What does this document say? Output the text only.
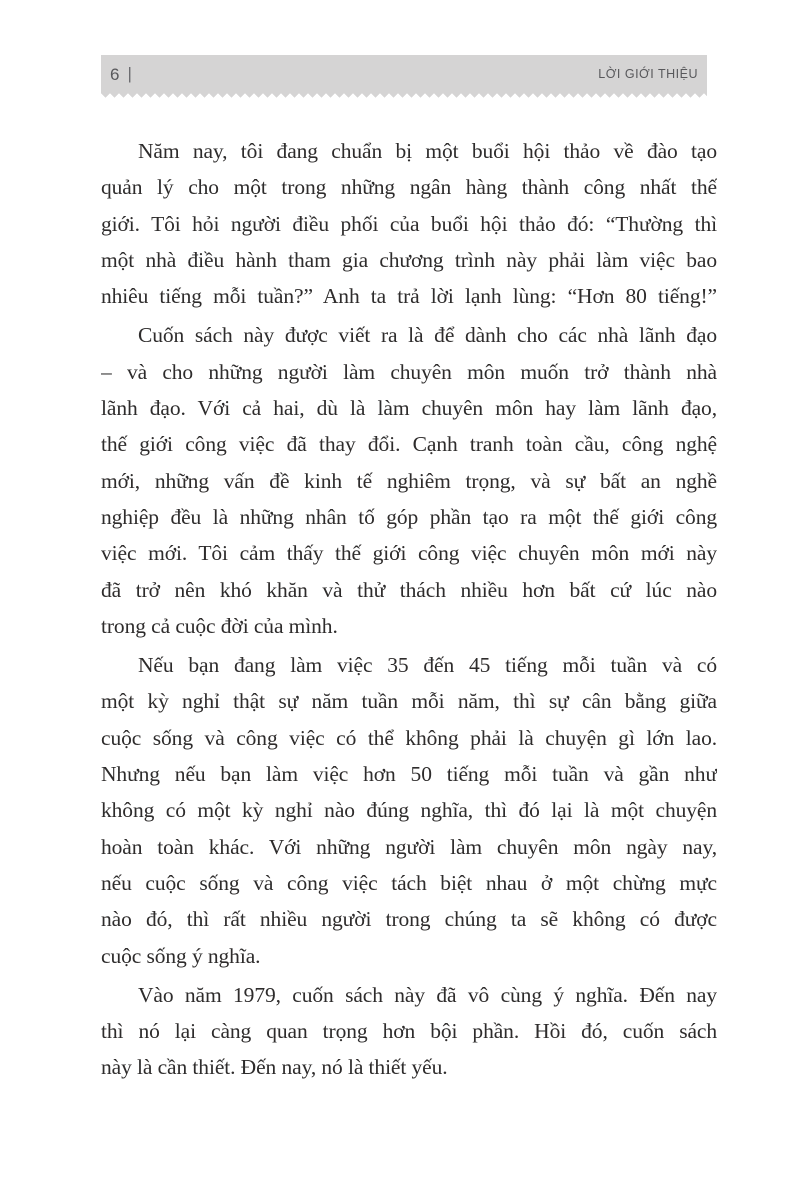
6 |	LỜI GIỚI THIỆU
Năm nay, tôi đang chuẩn bị một buổi hội thảo về đào tạo
quản lý cho một trong những ngân hàng thành công nhất thế
giới. Tôi hỏi người điều phối của buổi hội thảo đó: “Thường thì
một nhà điều hành tham gia chương trình này phải làm việc bao
nhiêu tiếng mỗi tuần?” Anh ta trả lời lạnh lùng: “Hơn 80 tiếng!”
Cuốn sách này được viết ra là để dành cho các nhà lãnh đạo
– và cho những người làm chuyên môn muốn trở thành nhà
lãnh đạo. Với cả hai, dù là làm chuyên môn hay làm lãnh đạo,
thế giới công việc đã thay đổi. Cạnh tranh toàn cầu, công nghệ
mới, những vấn đề kinh tế nghiêm trọng, và sự bất an nghề
nghiệp đều là những nhân tố góp phần tạo ra một thế giới công
việc mới. Tôi cảm thấy thế giới công việc chuyên môn mới này
đã trở nên khó khăn và thử thách nhiều hơn bất cứ lúc nào
trong cả cuộc đời của mình.
Nếu bạn đang làm việc 35 đến 45 tiếng mỗi tuần và có
một kỳ nghỉ thật sự năm tuần mỗi năm, thì sự cân bằng giữa
cuộc sống và công việc có thể không phải là chuyện gì lớn lao.
Nhưng nếu bạn làm việc hơn 50 tiếng mỗi tuần và gần như
không có một kỳ nghỉ nào đúng nghĩa, thì đó lại là một chuyện
hoàn toàn khác. Với những người làm chuyên môn ngày nay,
nếu cuộc sống và công việc tách biệt nhau ở một chừng mực
nào đó, thì rất nhiều người trong chúng ta sẽ không có được
cuộc sống ý nghĩa.
Vào năm 1979, cuốn sách này đã vô cùng ý nghĩa. Đến nay
thì nó lại càng quan trọng hơn bội phần. Hồi đó, cuốn sách
này là cần thiết. Đến nay, nó là thiết yếu.
